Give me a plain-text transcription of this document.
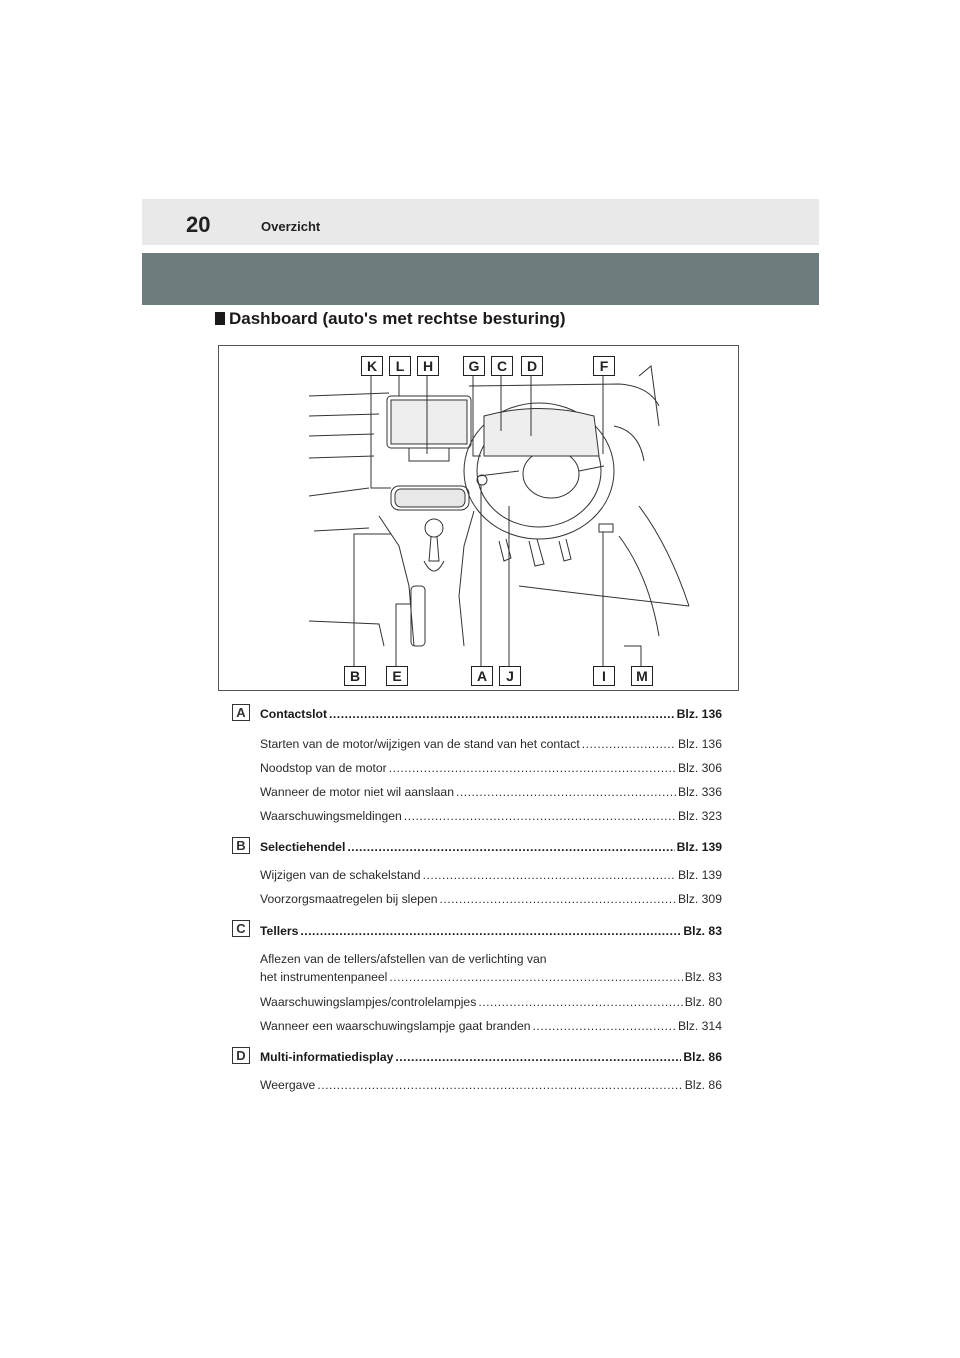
20	Overzicht
Dashboard (auto's met rechtse besturing)
K	L	H	G	C	D	F
B	E	A	J	I	M
A	Contactslot .....	Blz. 136
Starten van de motor/wijzigen van de stand van het contact .....	Blz. 136
Noodstop van de motor .....	Blz. 306
Wanneer de motor niet wil aanslaan .....	Blz. 336
Waarschuwingsmeldingen .....	Blz. 323
B	Selectiehendel .....	Blz. 139
Wijzigen van de schakelstand .....	Blz. 139
Voorzorgsmaatregelen bij slepen .....	Blz. 309
C	Tellers .....	Blz. 83
Aflezen van de tellers/afstellen van de verlichting van
het instrumentenpaneel .....	Blz. 83
Waarschuwingslampjes/controlelampjes .....	Blz. 80
Wanneer een waarschuwingslampje gaat branden .....	Blz. 314
D	Multi-informatiedisplay .....	Blz. 86
Weergave .....	Blz. 86
